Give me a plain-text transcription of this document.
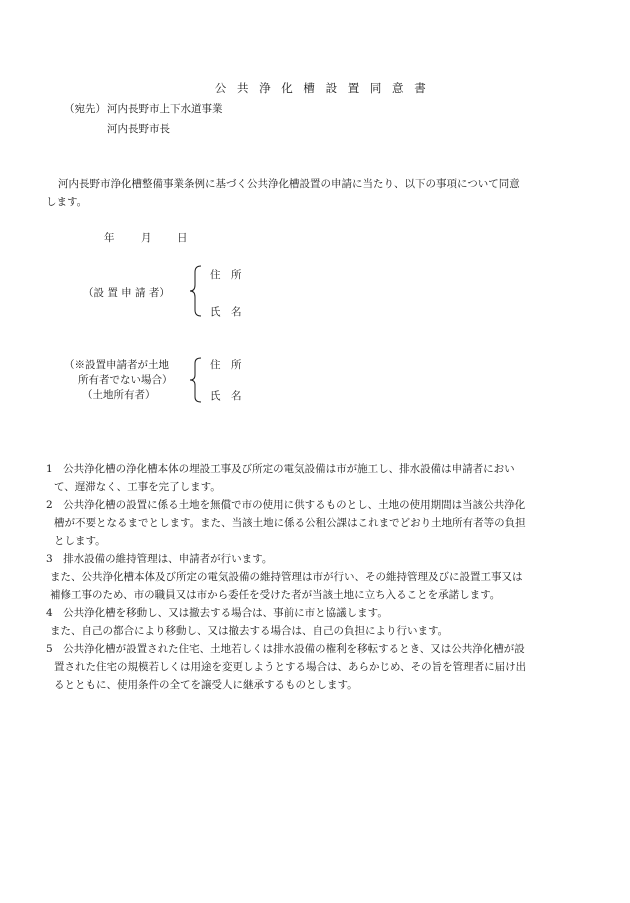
公 共 浄 化 槽 設 置 同 意 書
（宛先） 河内長野市上下水道事業
河内長野市長
河内長野市浄化槽整備事業条例に基づく公共浄化槽設置の申請に当たり、以下の事項について同意
します。
年	月 日
（設 置 申 請 者）
住　所
氏　名
（※設置申請者が土地
所有者でない場合）
（土地所有者）
住　所
氏　名
1　公共浄化槽の浄化槽本体の埋設工事及び所定の電気設備は市が施工し、排水設備は申請者におい
て、遅滞なく、工事を完了します。
2　公共浄化槽の設置に係る土地を無償で市の使用に供するものとし、土地の使用期間は当該公共浄化
槽が不要となるまでとします。また、当該土地に係る公租公課はこれまでどおり土地所有者等の負担
とします。
3　排水設備の維持管理は、申請者が行います。
また、公共浄化槽本体及び所定の電気設備の維持管理は市が行い、その維持管理及びに設置工事又は
補修工事のため、市の職員又は市から委任を受けた者が当該土地に立ち入ることを承諾します。
4　公共浄化槽を移動し、又は撤去する場合は、事前に市と協議します。
また、自己の都合により移動し、又は撤去する場合は、自己の負担により行います。
5　公共浄化槽が設置された住宅、土地若しくは排水設備の権利を移転するとき、又は公共浄化槽が設
置された住宅の規模若しくは用途を変更しようとする場合は、あらかじめ、その旨を管理者に届け出
るとともに、使用条件の全てを譲受人に継承するものとします。
